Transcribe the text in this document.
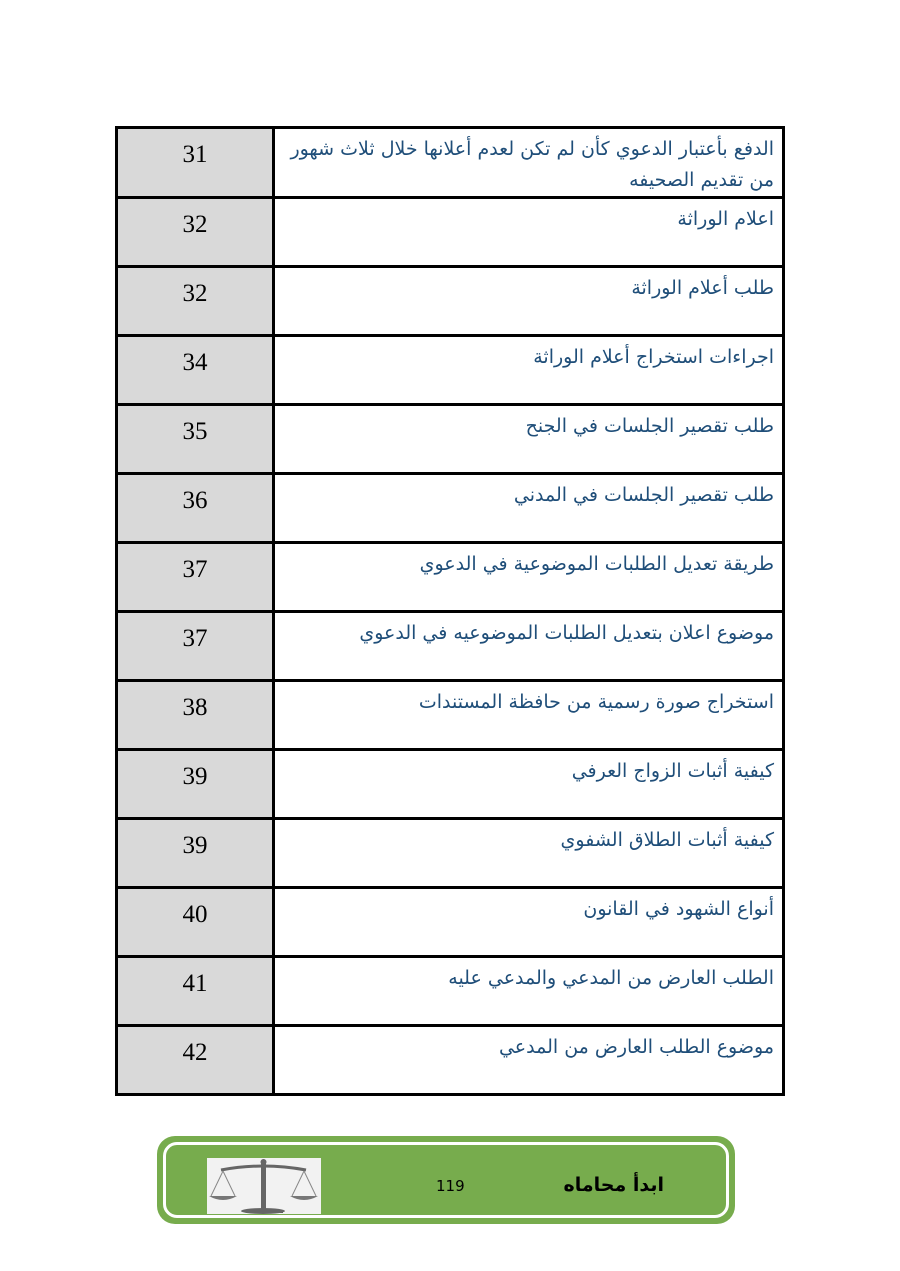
31	الدفع بأعتبار الدعوي كأن لم تكن لعدم أعلانها خلال ثلاث شهور من تقديم الصحيفه
32	اعلام الوراثة
32	طلب أعلام الوراثة
34	اجراءات استخراج أعلام الوراثة
35	طلب تقصير الجلسات في الجنح
36	طلب تقصير الجلسات في المدني
37	طريقة تعديل الطلبات الموضوعية في الدعوي
37	موضوع اعلان بتعديل الطلبات الموضوعيه في الدعوي
38	استخراج صورة رسمية من حافظة المستندات
39	كيفية أثبات الزواج العرفي
39	كيفية أثبات الطلاق الشفوي
40	أنواع الشهود في القانون
41	الطلب العارض من المدعي والمدعي عليه
42	موضوع الطلب العارض من المدعي
119	ابدأ محاماه
